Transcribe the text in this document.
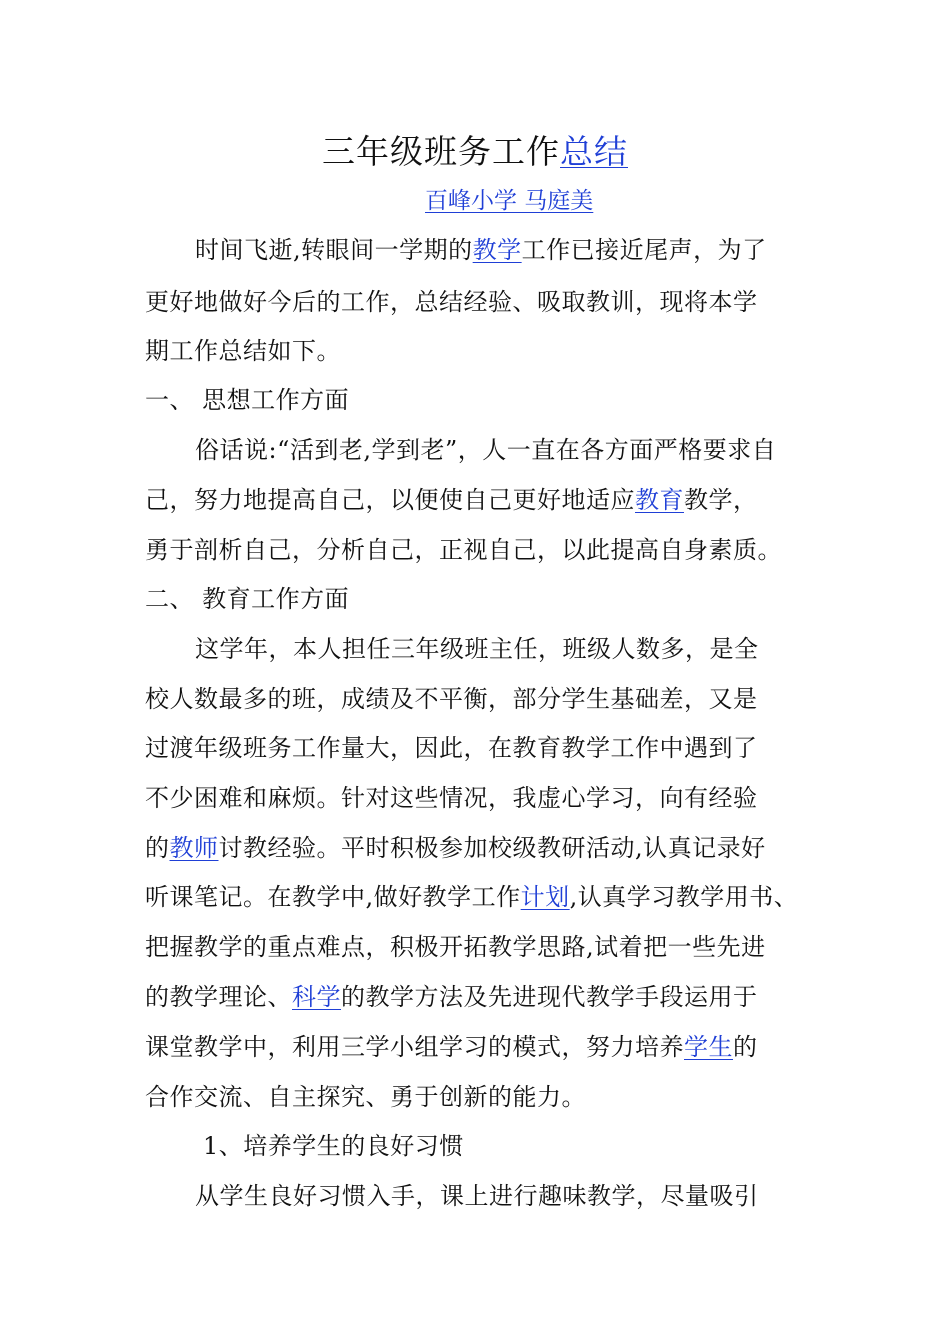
三年级班务工作总结
百峰小学 马庭美
时间飞逝,转眼间一学期的教学工作已接近尾声，为了
更好地做好今后的工作，总结经验、吸取教训，现将本学
期工作总结如下。
一、 思想工作方面
俗话说:“活到老,学到老”，人一直在各方面严格要求自
己，努力地提高自己，以便使自己更好地适应教育教学，
勇于剖析自己，分析自己，正视自己，以此提高自身素质。
二、 教育工作方面
这学年，本人担任三年级班主任，班级人数多，是全
校人数最多的班，成绩及不平衡，部分学生基础差，又是
过渡年级班务工作量大，因此，在教育教学工作中遇到了
不少困难和麻烦。针对这些情况，我虚心学习，向有经验
的教师讨教经验。平时积极参加校级教研活动,认真记录好
听课笔记。在教学中,做好教学工作计划,认真学习教学用书、
把握教学的重点难点，积极开拓教学思路,试着把一些先进
的教学理论、科学的教学方法及先进现代教学手段运用于
课堂教学中，利用三学小组学习的模式，努力培养学生的
合作交流、自主探究、勇于创新的能力。
1、培养学生的良好习惯
从学生良好习惯入手，课上进行趣味教学，尽量吸引
